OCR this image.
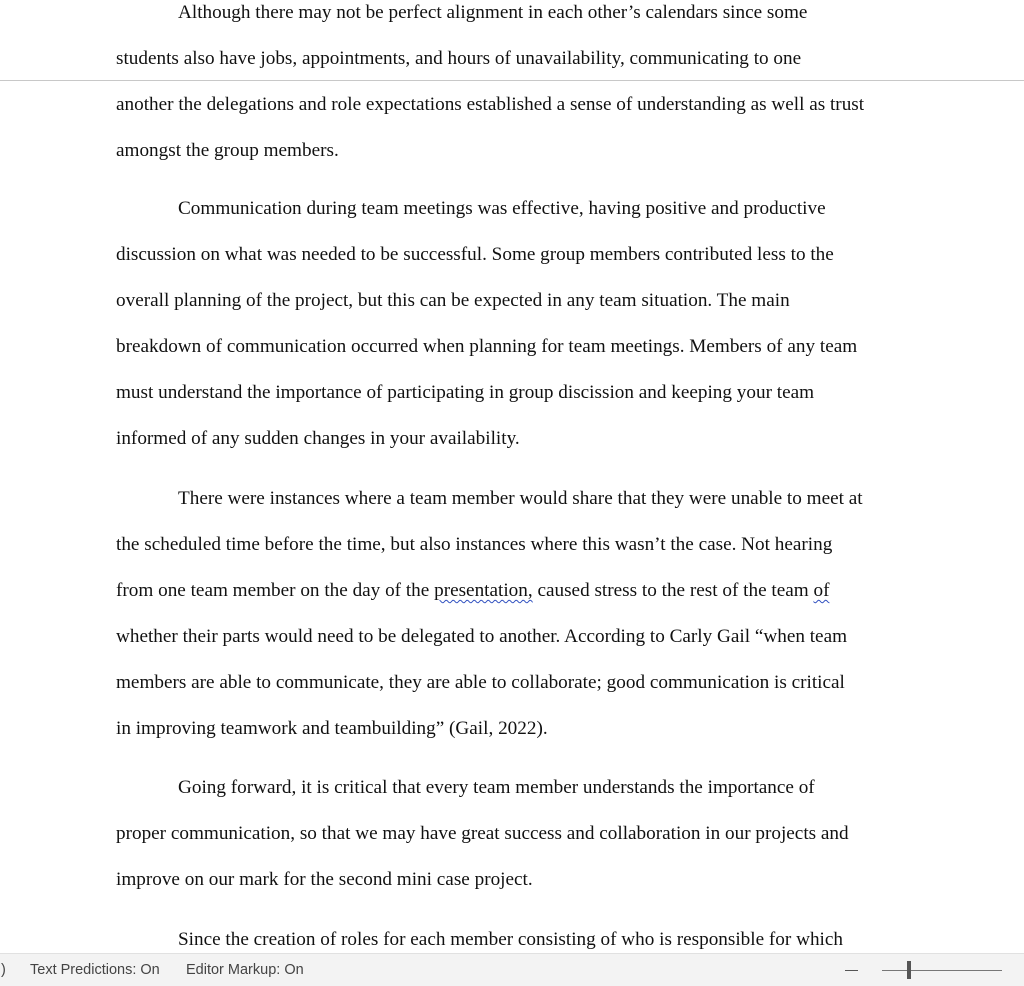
Although there may not be perfect alignment in each other’s calendars since some
students also have jobs, appointments, and hours of unavailability, communicating to one
another the delegations and role expectations established a sense of understanding as well as trust
amongst the group members.
Communication during team meetings was effective, having positive and productive
discussion on what was needed to be successful. Some group members contributed less to the
overall planning of the project, but this can be expected in any team situation. The main
breakdown of communication occurred when planning for team meetings. Members of any team
must understand the importance of participating in group discission and keeping your team
informed of any sudden changes in your availability.
There were instances where a team member would share that they were unable to meet at
the scheduled time before the time, but also instances where this wasn’t the case. Not hearing
from one team member on the day of the presentation, caused stress to the rest of the team of
whether their parts would need to be delegated to another. According to Carly Gail “when team
members are able to communicate, they are able to collaborate; good communication is critical
in improving teamwork and teambuilding” (Gail, 2022).
Going forward, it is critical that every team member understands the importance of
proper communication, so that we may have great success and collaboration in our projects and
improve on our mark for the second mini case project.
Since the creation of roles for each member consisting of who is responsible for which
) Text Predictions: On Editor Markup: On
